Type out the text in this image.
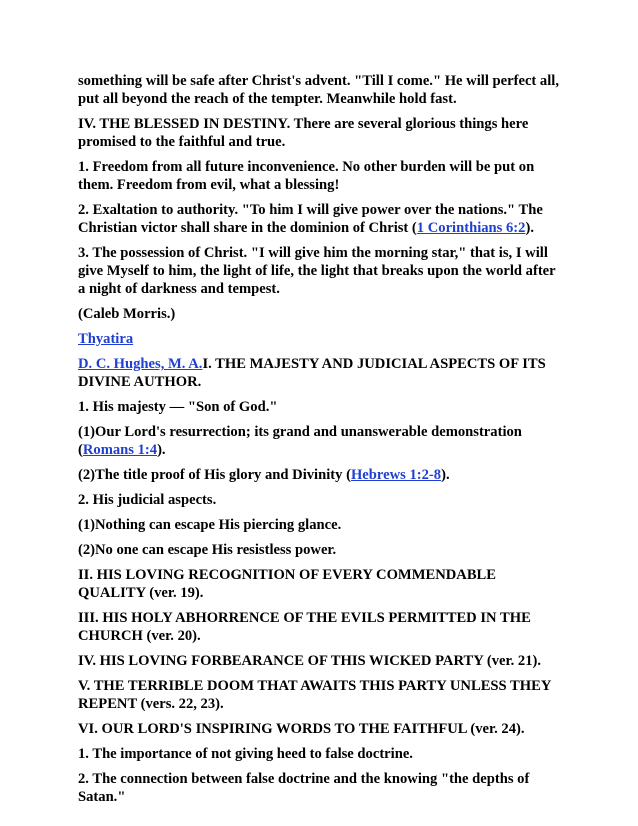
something will be safe after Christ's advent. "Till I come." He will perfect all, put all beyond the reach of the tempter. Meanwhile hold fast.

IV. THE BLESSED IN DESTINY. There are several glorious things here promised to the faithful and true.

1. Freedom from all future inconvenience. No other burden will be put on them. Freedom from evil, what a blessing!

2. Exaltation to authority. "To him I will give power over the nations." The Christian victor shall share in the dominion of Christ (1 Corinthians 6:2).

3. The possession of Christ. "I will give him the morning star," that is, I will give Myself to him, the light of life, the light that breaks upon the world after a night of darkness and tempest.

(Caleb Morris.)

Thyatira

D. C. Hughes, M. A.I. THE MAJESTY AND JUDICIAL ASPECTS OF ITS DIVINE AUTHOR.

1. His majesty — "Son of God."

(1)Our Lord's resurrection; its grand and unanswerable demonstration (Romans 1:4).

(2)The title proof of His glory and Divinity (Hebrews 1:2-8).

2. His judicial aspects.

(1)Nothing can escape His piercing glance.

(2)No one can escape His resistless power.

II. HIS LOVING RECOGNITION OF EVERY COMMENDABLE QUALITY (ver. 19).

III. HIS HOLY ABHORRENCE OF THE EVILS PERMITTED IN THE CHURCH (ver. 20).

IV. HIS LOVING FORBEARANCE OF THIS WICKED PARTY (ver. 21).

V. THE TERRIBLE DOOM THAT AWAITS THIS PARTY UNLESS THEY REPENT (vers. 22, 23).

VI. OUR LORD'S INSPIRING WORDS TO THE FAITHFUL (ver. 24).

1. The importance of not giving heed to false doctrine.

2. The connection between false doctrine and the knowing "the depths of Satan."
